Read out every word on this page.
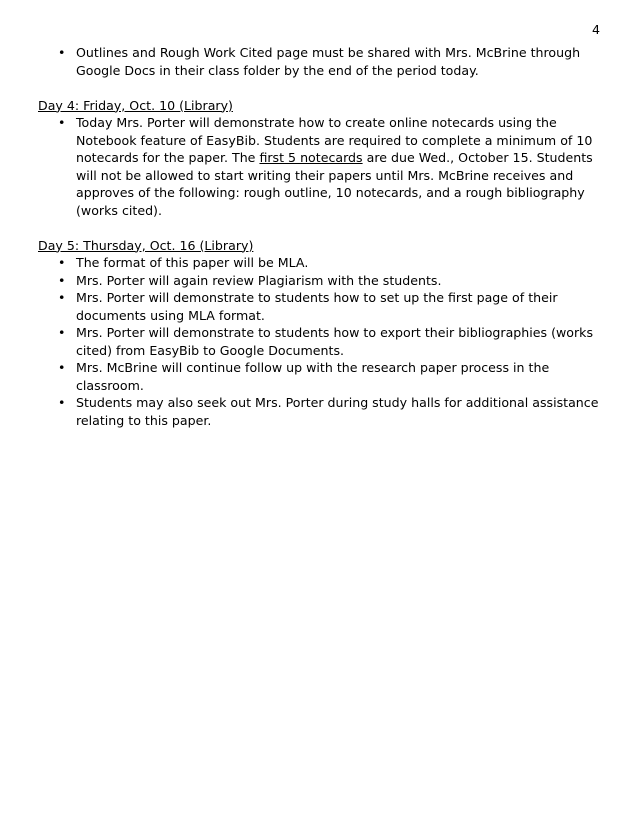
4
• Outlines and Rough Work Cited page must be shared with Mrs. McBrine through Google Docs in their class folder by the end of the period today.
Day 4: Friday, Oct. 10 (Library)
• Today Mrs. Porter will demonstrate how to create online notecards using the Notebook feature of EasyBib. Students are required to complete a minimum of 10 notecards for the paper. The first 5 notecards are due Wed., October 15. Students will not be allowed to start writing their papers until Mrs. McBrine receives and approves of the following: rough outline, 10 notecards, and a rough bibliography (works cited).
Day 5: Thursday, Oct. 16 (Library)
• The format of this paper will be MLA.
• Mrs. Porter will again review Plagiarism with the students.
• Mrs. Porter will demonstrate to students how to set up the first page of their documents using MLA format.
• Mrs. Porter will demonstrate to students how to export their bibliographies (works cited) from EasyBib to Google Documents.
• Mrs. McBrine will continue follow up with the research paper process in the classroom.
• Students may also seek out Mrs. Porter during study halls for additional assistance relating to this paper.
